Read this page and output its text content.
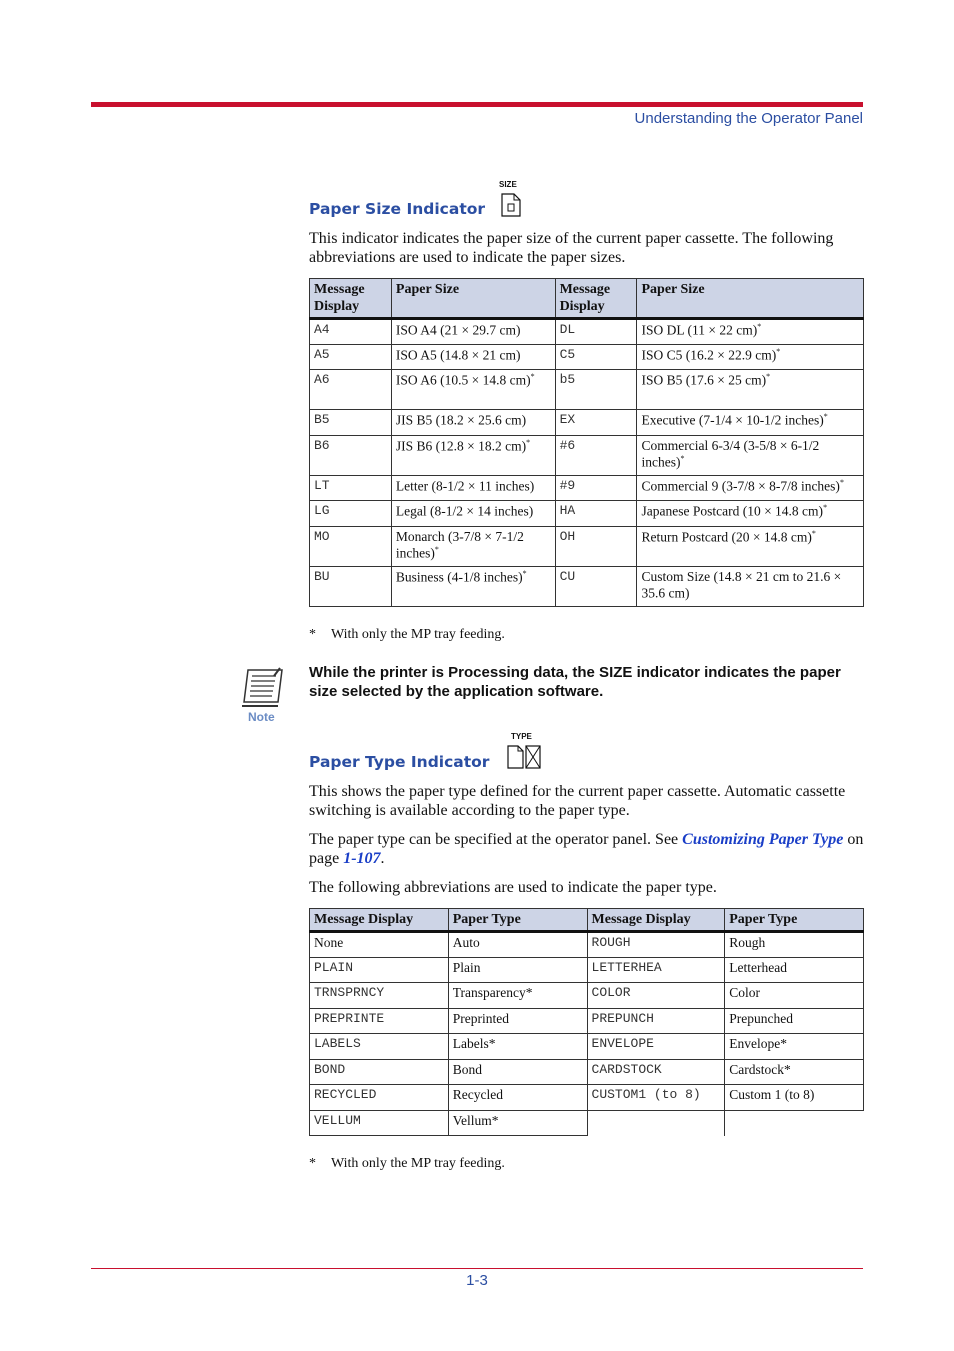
Understanding the Operator Panel
Paper Size Indicator
SIZE

This indicator indicates the paper size of the current paper cassette. The following abbreviations are used to indicate the paper sizes.

Message Display	Paper Size	Message Display	Paper Size
A4	ISO A4 (21 × 29.7 cm)	DL	ISO DL (11 × 22 cm)*
A5	ISO A5 (14.8 × 21 cm)	C5	ISO C5 (16.2 × 22.9 cm)*
A6	ISO A6 (10.5 × 14.8 cm)*	b5	ISO B5 (17.6 × 25 cm)*
B5	JIS B5 (18.2 × 25.6 cm)	EX	Executive (7-1/4 × 10-1/2 inches)*
B6	JIS B6 (12.8 × 18.2 cm)*	#6	Commercial 6-3/4 (3-5/8 × 6-1/2 inches)*
LT	Letter (8-1/2 × 11 inches)	#9	Commercial 9 (3-7/8 × 8-7/8 inches)*
LG	Legal (8-1/2 × 14 inches)	HA	Japanese Postcard (10 × 14.8 cm)*
MO	Monarch (3-7/8 × 7-1/2 inches)*	OH	Return Postcard (20 × 14.8 cm)*
BU	Business (4-1/8 inches)*	CU	Custom Size (14.8 × 21 cm to 21.6 × 35.6 cm)
* With only the MP tray feeding.
Note
While the printer is Processing data, the SIZE indicator indicates the paper size selected by the application software.
Paper Type Indicator
TYPE

This shows the paper type defined for the current paper cassette. Automatic cassette switching is available according to the paper type.

The paper type can be specified at the operator panel. See Customizing Paper Type on page 1-107.

The following abbreviations are used to indicate the paper type.

Message Display	Paper Type	Message Display	Paper Type
None	Auto	ROUGH	Rough
PLAIN	Plain	LETTERHEA	Letterhead
TRNSPRNCY	Transparency*	COLOR	Color
PREPRINTE	Preprinted	PREPUNCH	Prepunched
LABELS	Labels*	ENVELOPE	Envelope*
BOND	Bond	CARDSTOCK	Cardstock*
RECYCLED	Recycled	CUSTOM1 (to 8)	Custom 1 (to 8)
VELLUM	Vellum*		
* With only the MP tray feeding.
1-3
